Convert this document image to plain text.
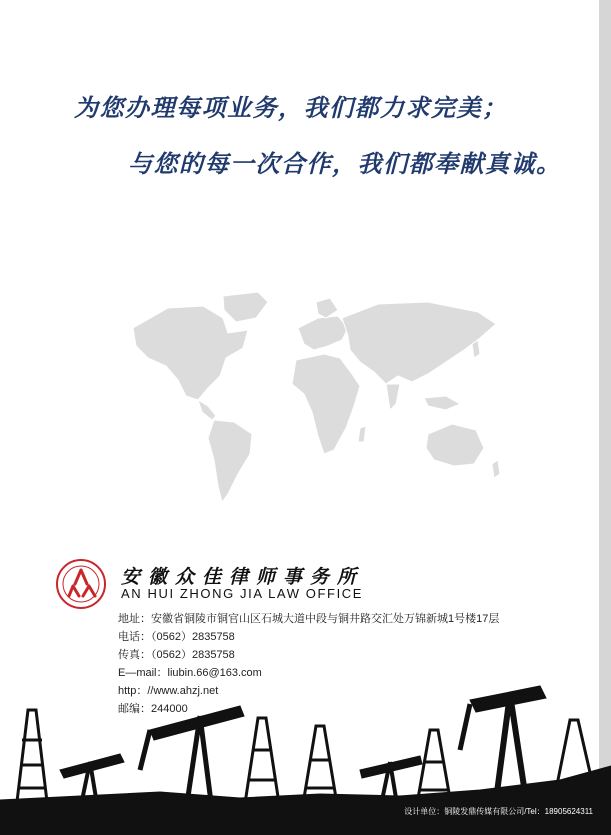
为您办理每项业务，我们都力求完美；
与您的每一次合作，我们都奉献真诚。
安徽众佳律师事务所
AN HUI ZHONG JIA LAW OFFICE
地址：安徽省铜陵市铜官山区石城大道中段与铜井路交汇处万锦新城1号楼17层
电话：（0562）2835758
传真：（0562）2835758
E—mail：liubin.66@163.com
http：//www.ahzj.net
邮编：244000
设计单位：铜陵发鼎传媒有限公司/Tel：18905624311
